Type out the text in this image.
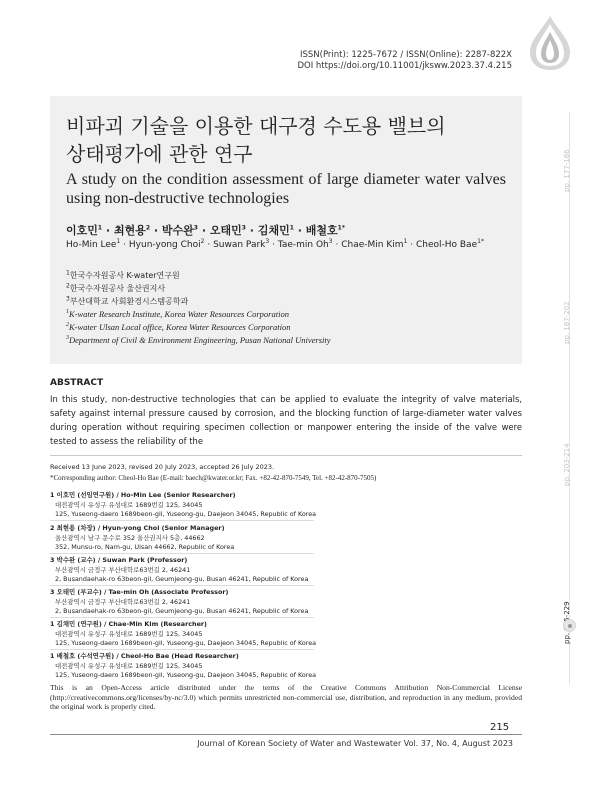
ISSN(Print): 1225-7672 / ISSN(Online): 2287-822X
DOI https://doi.org/10.11001/jksww.2023.37.4.215
pp. 177-186
pp. 187-202
pp. 203-214
비파괴 기술을 이용한 대구경 수도용 밸브의
상태평가에 관한 연구
A study on the condition assessment of large diameter water valves using non-destructive technologies
이호민$^1$ · 최현용$^2$ · 박수완$^3$ · 오태민$^3$ · 김채민$^1$ · 배철호$^{1*}$
Ho-Min Lee$^1$ · Hyun-yong Choi$^2$ · Suwan Park$^3$ · Tae-min $Oh^3$ · Chae-Min Kim$^1$ · Cheol-Ho Bae$^{1*}$
$^1$한국수자원공사 K-water연구원
$^2$한국수자원공사 울산권지사
$^3$부산대학교 사회환경시스템공학과
$^1$K-water Research Institute, Korea Water Resources Corporation
$^2$K-water Ulsan Local office, Korea Water Resources Corporation
$^3$Department of Civil & Environment Engineering, Pusan National University
ABSTRACT
In this study, non-destructive technologies that can be applied to evaluate the integrity of valve materials, safety against internal pressure caused by corrosion, and the blocking function of large-diameter water valves during operation without requiring specimen collection or manpower entering the inside of the valve were tested to assess the reliability of the
Received 13 June 2023, revised 20 July 2023, accepted 26 July 2023.
*Corresponding author: Cheol-Ho Bae (E-mail: baech@kwater.or.kr; Fax. +82-42-870-7549, Tel. +82-42-870-7505)
1 이호민 (선임연구원) / Ho-Min Lee (Senior Researcher)
대전광역시 유성구 유성대로 1689번길 125, 34045
125, Yuseong-daero 1689beon-gil, Yuseong-gu, Daejeon 34045, Republic of Korea
2 최현용 (차장) / Hyun-yong Choi (Senior Manager)
울산광역시 남구 문수로 352 울산권지사 5층, 44662
352, Munsu-ro, Nam-gu, Ulsan 44662, Republic of Korea
3 박수완 (교수) / Suwan Park (Professor)
부산광역시 금정구 부산대학로63번길 2, 46241
2, Busandaehak-ro 63beon-gil, Geumjeong-gu, Busan 46241, Republic of Korea
3 오태민 (부교수) / Tae-min Oh (Associate Professor)
부산광역시 금정구 부산대학로63번길 2, 46241
2, Busandaehak-ro 63beon-gil, Geumjeong-gu, Busan 46241, Republic of Korea
1 김채민 (연구원) / Chae-Min Kim (Researcher)
대전광역시 유성구 유성대로 1689번길 125, 34045
125, Yuseong-daero 1689beon-gil, Yuseong-gu, Daejeon 34045, Republic of Korea
1 배철호 (수석연구원) / Cheol-Ho Bae (Head Researcher)
대전광역시 유성구 유성대로 1689번길 125, 34045
125, Yuseong-daero 1689beon-gil, Yuseong-gu, Daejeon 34045, Republic of Korea
This is an Open-Access article distributed under the terms of the Creative Commons Attribution Non-Commercial License (http://creativecommons.org/licenses/by-nc/3.0) which permits unrestricted non-commercial use, distribution, and reproduction in any medium, provided the original work is properly cited.
215
Journal of Korean Society of Water and Wastewater Vol. 37, No. 4, August 2023
